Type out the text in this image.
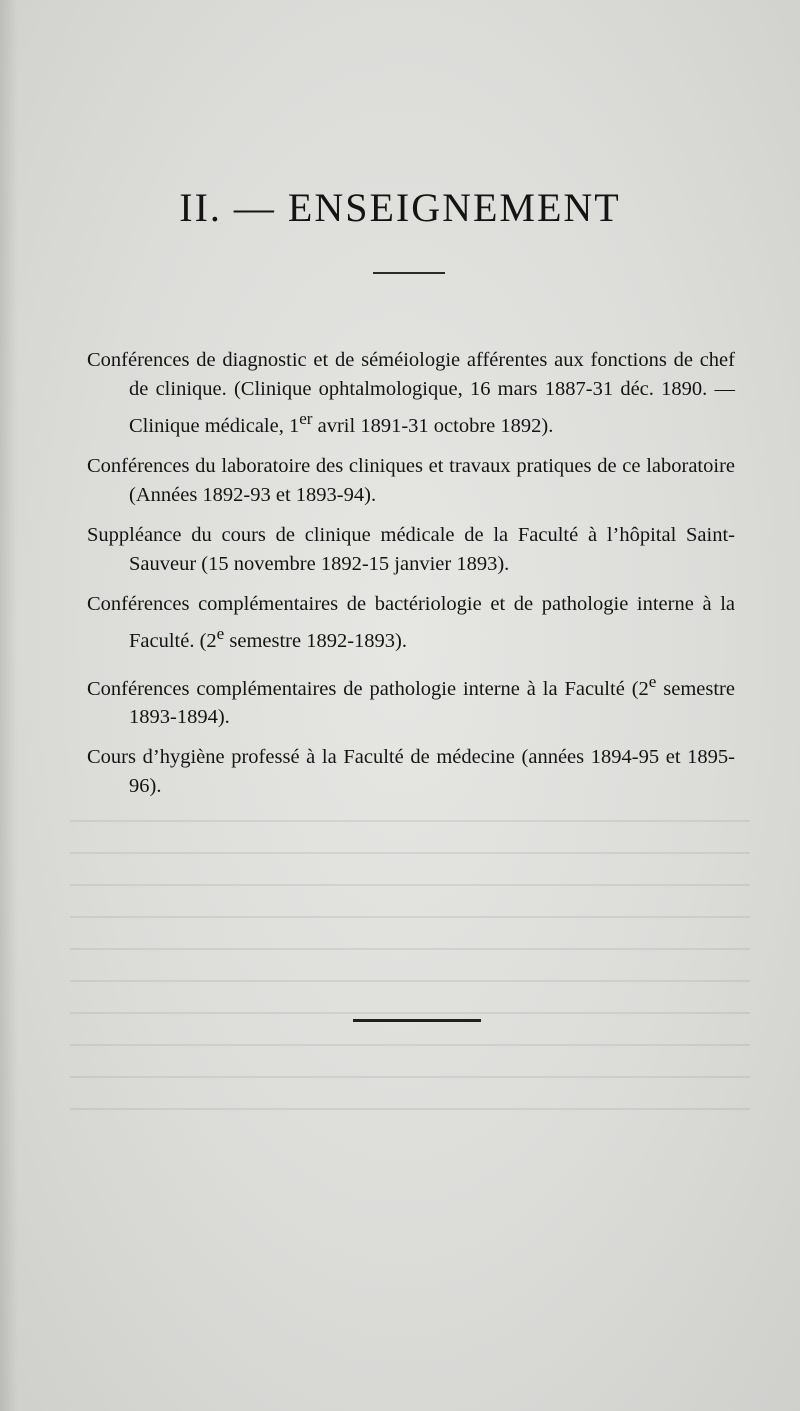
II. — ENSEIGNEMENT

Conférences de diagnostic et de séméiologie afférentes aux fonctions de chef de clinique. (Clinique ophtalmologique, 16 mars 1887-31 déc. 1890. — Clinique médicale, 1er avril 1891-31 octobre 1892).

Conférences du laboratoire des cliniques et travaux pratiques de ce laboratoire (Années 1892-93 et 1893-94).

Suppléance du cours de clinique médicale de la Faculté à l’hôpital Saint-Sauveur (15 novembre 1892-15 janvier 1893).

Conférences complémentaires de bactériologie et de pathologie interne à la Faculté. (2e semestre 1892-1893).

Conférences complémentaires de pathologie interne à la Faculté (2e semestre 1893-1894).

Cours d’hygiène professé à la Faculté de médecine (années 1894-95 et 1895-96).
